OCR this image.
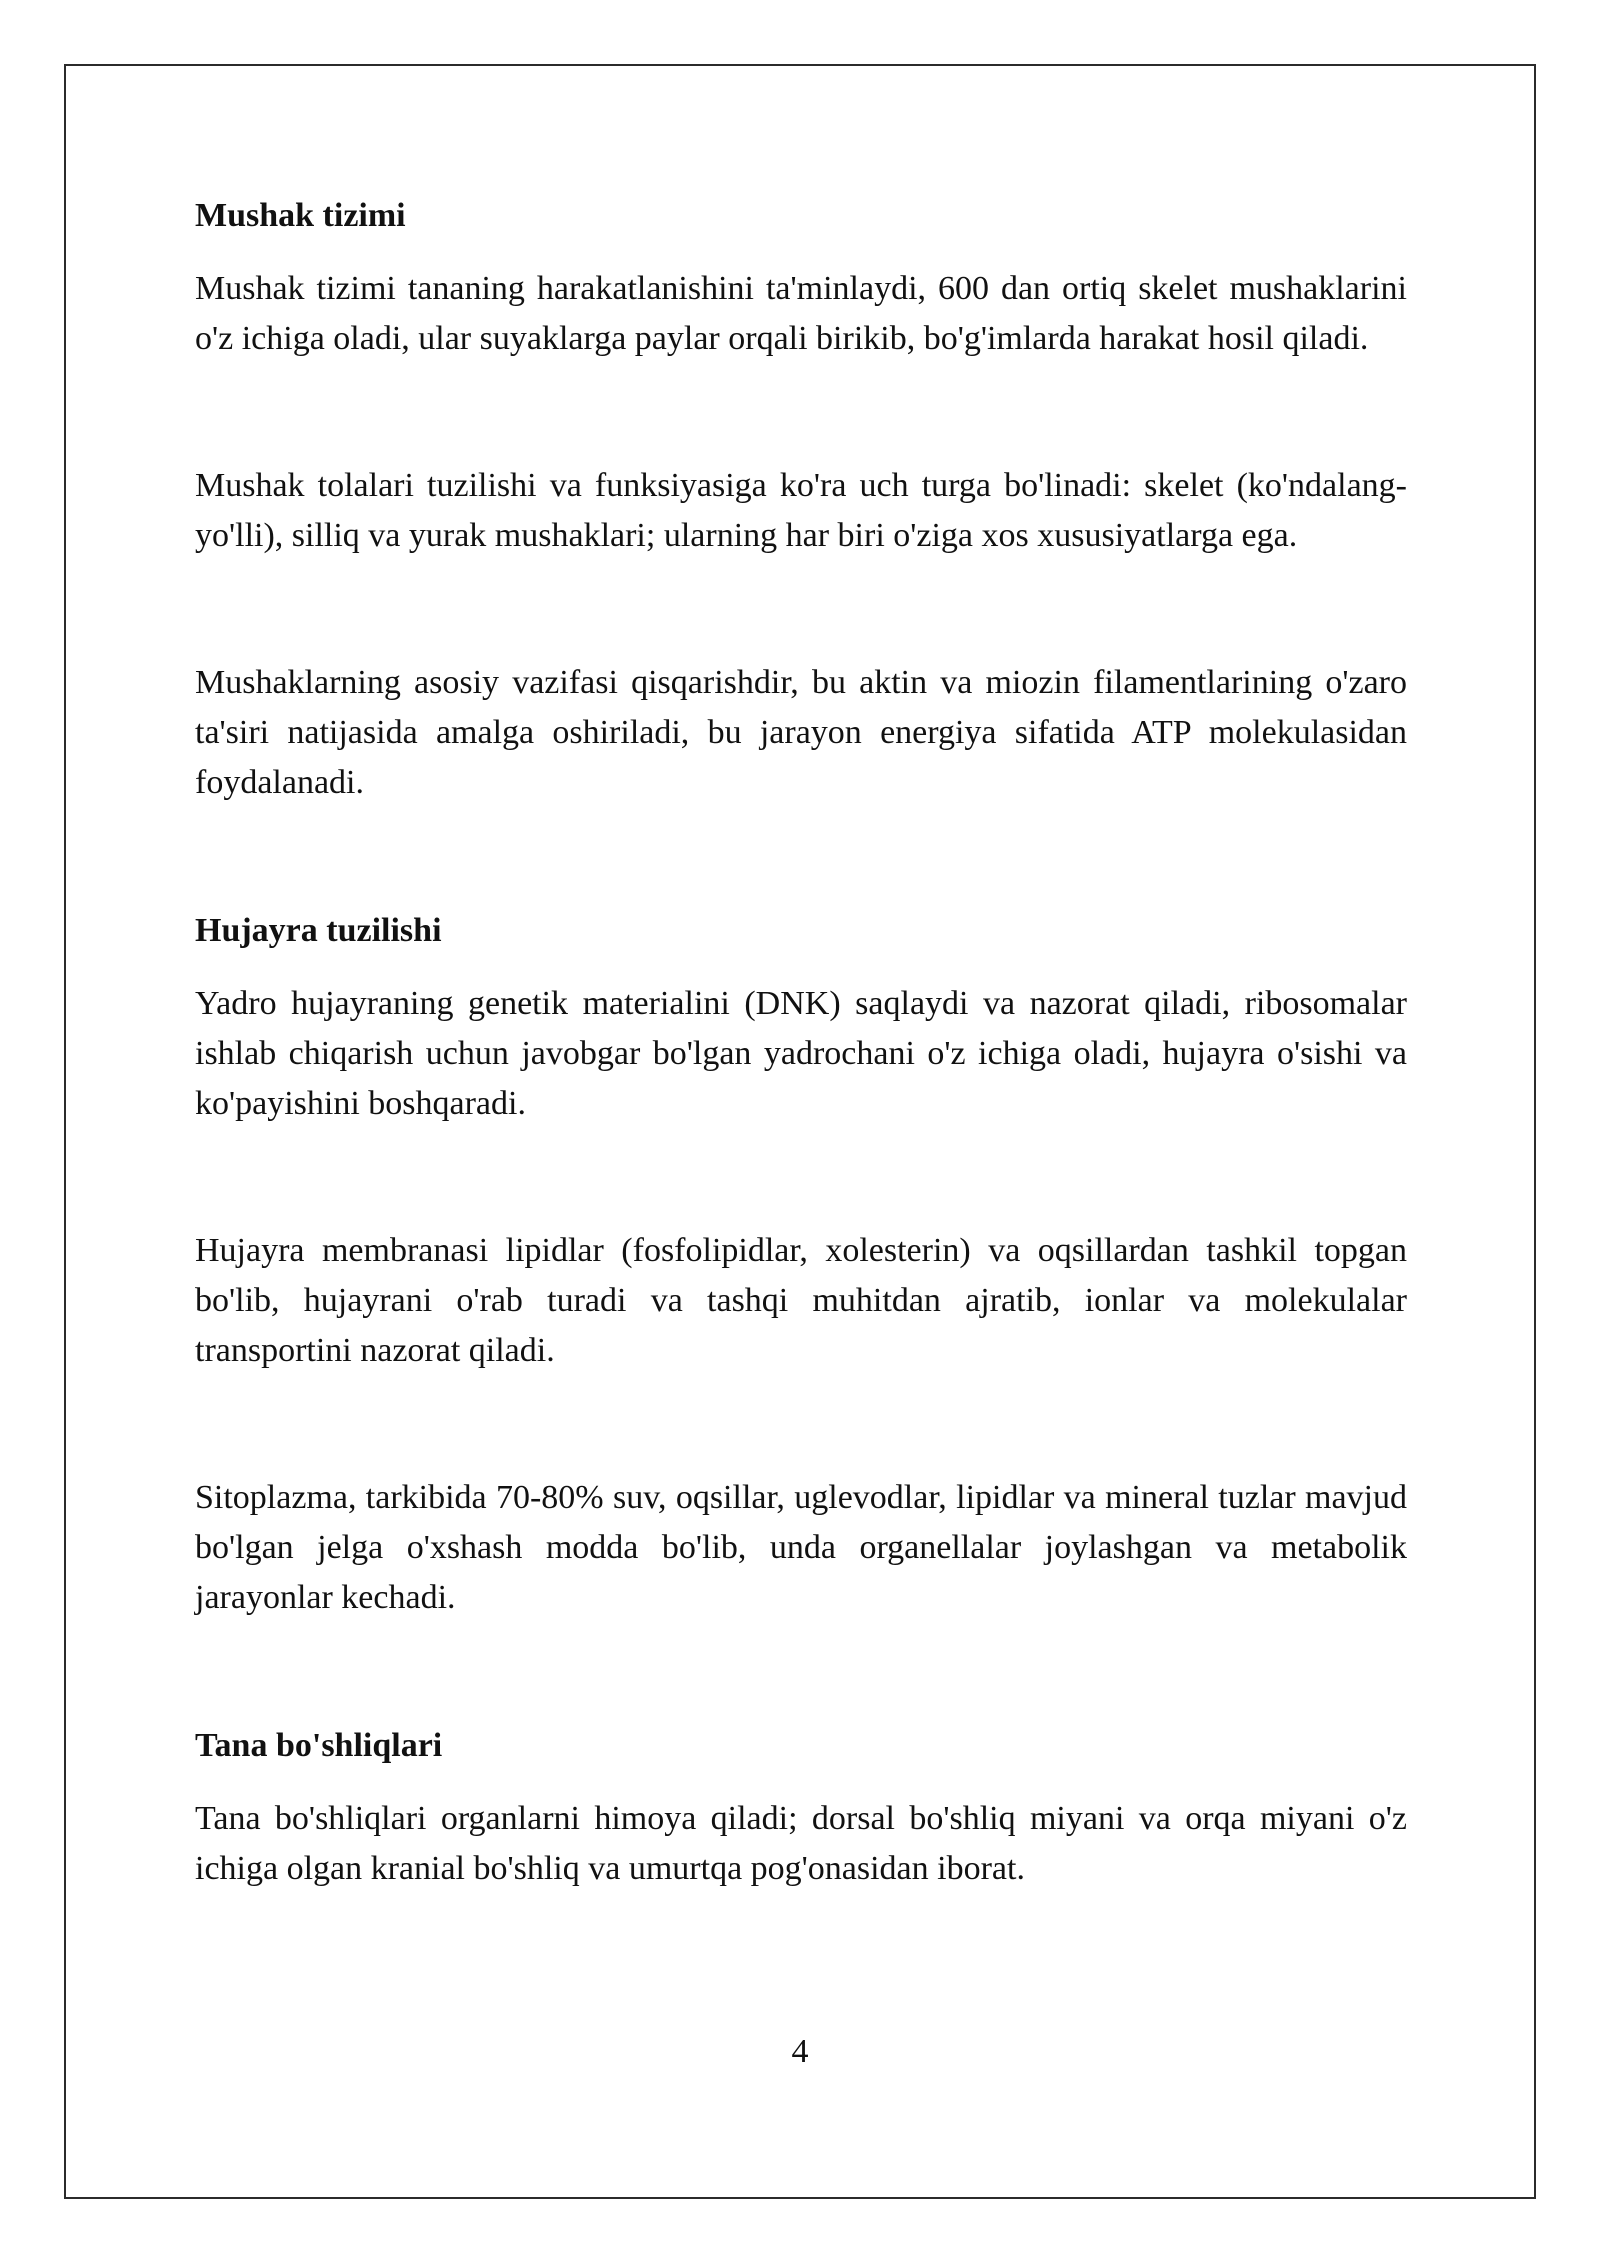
Mushak tizimi

Mushak tizimi tananing harakatlanishini ta'minlaydi, 600 dan ortiq skelet mushaklarini o'z ichiga oladi, ular suyaklarga paylar orqali birikib, bo'g'imlarda harakat hosil qiladi.

Mushak tolalari tuzilishi va funksiyasiga ko'ra uch turga bo'linadi: skelet (ko'ndalang-yo'lli), silliq va yurak mushaklari; ularning har biri o'ziga xos xususiyatlarga ega.

Mushaklarning asosiy vazifasi qisqarishdir, bu aktin va miozin filamentlarining o'zaro ta'siri natijasida amalga oshiriladi, bu jarayon energiya sifatida ATP molekulasidan foydalanadi.

Hujayra tuzilishi

Yadro hujayraning genetik materialini (DNK) saqlaydi va nazorat qiladi, ribosomalar ishlab chiqarish uchun javobgar bo'lgan yadrochani o'z ichiga oladi, hujayra o'sishi va ko'payishini boshqaradi.

Hujayra membranasi lipidlar (fosfolipidlar, xolesterin) va oqsillardan tashkil topgan bo'lib, hujayrani o'rab turadi va tashqi muhitdan ajratib, ionlar va molekulalar transportini nazorat qiladi.

Sitoplazma, tarkibida 70-80% suv, oqsillar, uglevodlar, lipidlar va mineral tuzlar mavjud bo'lgan jelga o'xshash modda bo'lib, unda organellalar joylashgan va metabolik jarayonlar kechadi.

Tana bo'shliqlari

Tana bo'shliqlari organlarni himoya qiladi; dorsal bo'shliq miyani va orqa miyani o'z ichiga olgan kranial bo'shliq va umurtqa pog'onasidan iborat.

4
